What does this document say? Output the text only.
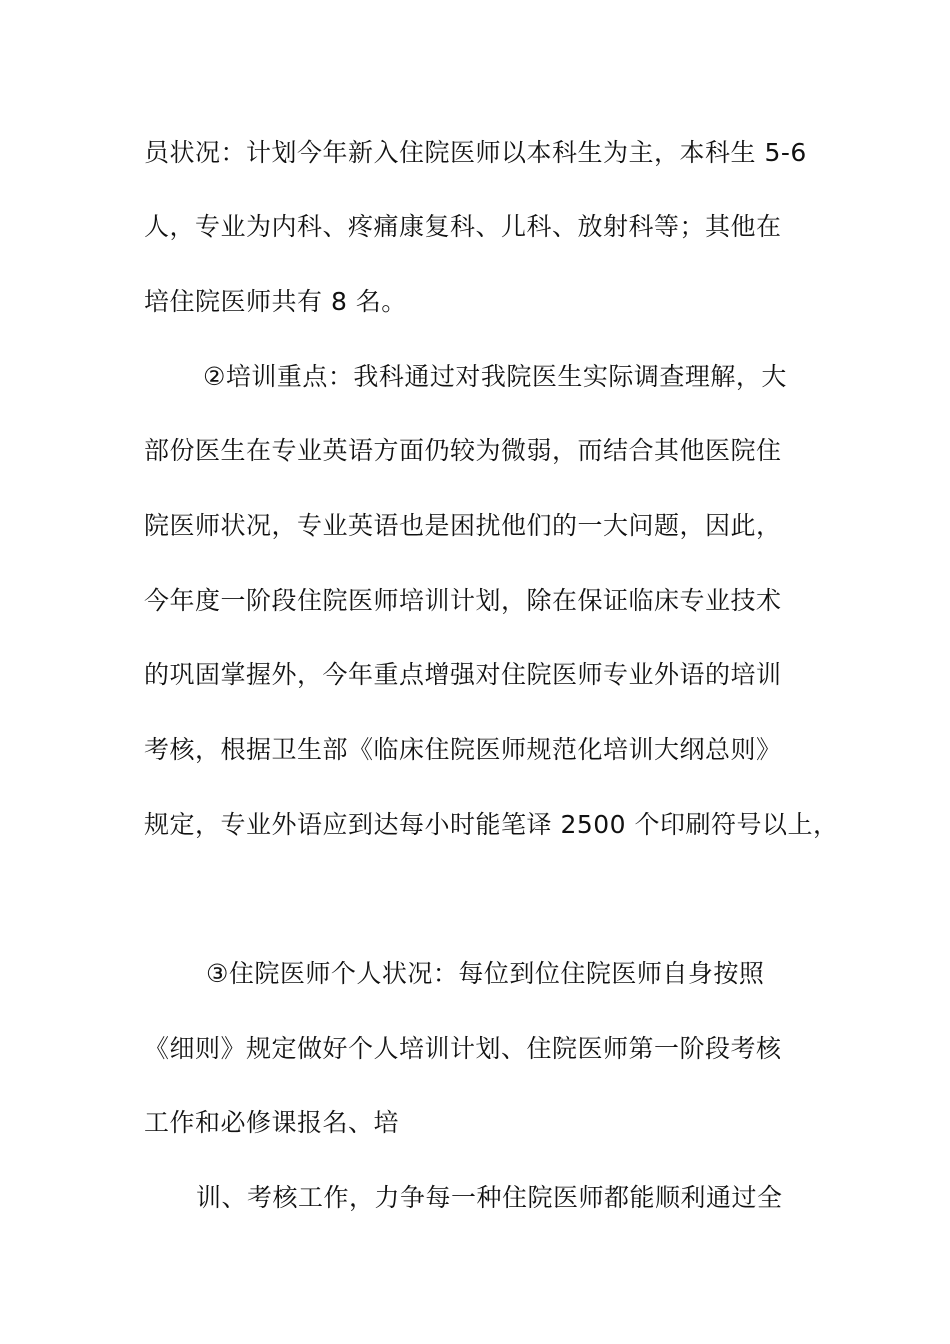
员状况：计划今年新入住院医师以本科生为主，本科生 5-6
人，专业为内科、疼痛康复科、儿科、放射科等；其他在
培住院医师共有 8 名。
②培训重点：我科通过对我院医生实际调查理解，大
部份医生在专业英语方面仍较为微弱，而结合其他医院住
院医师状况，专业英语也是困扰他们的一大问题，因此，
今年度一阶段住院医师培训计划，除在保证临床专业技术
的巩固掌握外，今年重点增强对住院医师专业外语的培训
考核，根据卫生部《临床住院医师规范化培训大纲总则》
规定，专业外语应到达每小时能笔译 2500 个印刷符号以上，
③住院医师个人状况：每位到位住院医师自身按照
《细则》规定做好个人培训计划、住院医师第一阶段考核
工作和必修课报名、培
训、考核工作，力争每一种住院医师都能顺利通过全
